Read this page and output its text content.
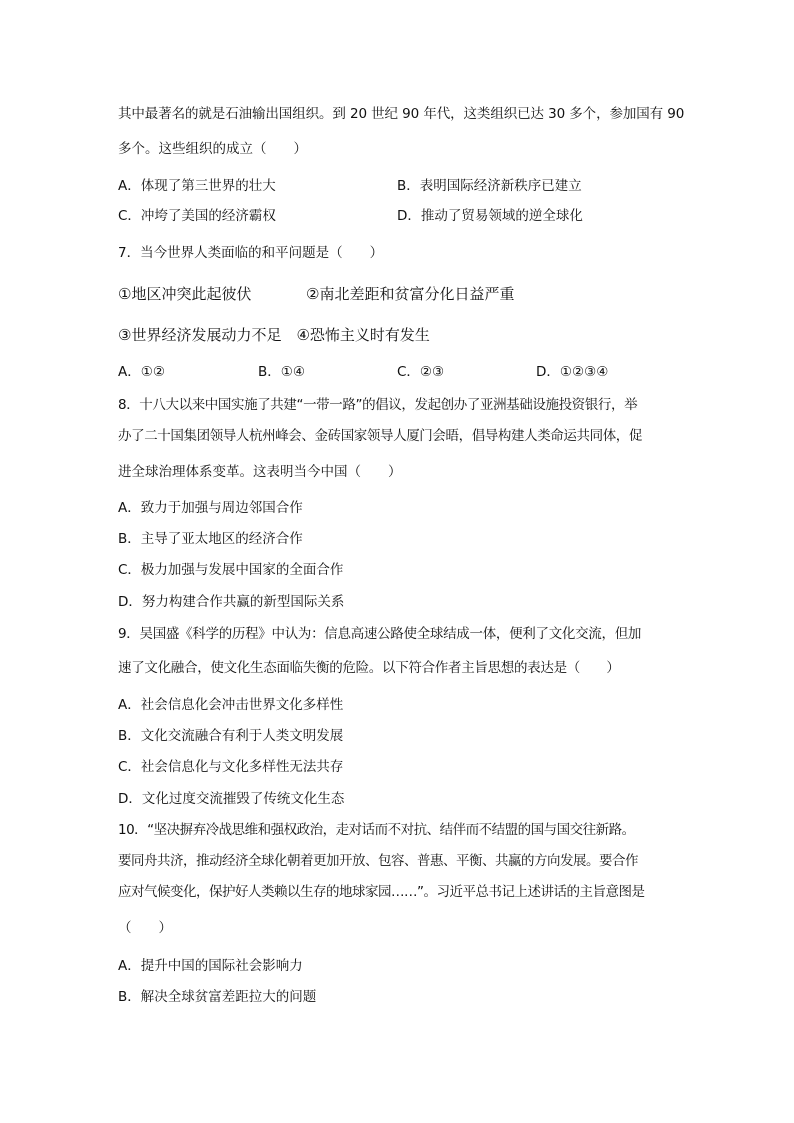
其中最著名的就是石油输出国组织。到 20 世纪 90 年代，这类组织已达 30 多个，参加国有 90
多个。这些组织的成立（　　）
A．体现了第三世界的壮大	B．表明国际经济新秩序已建立
C．冲垮了美国的经济霸权	D．推动了贸易领域的逆全球化
7．当今世界人类面临的和平问题是（　　）
①地区冲突此起彼伏	②南北差距和贫富分化日益严重
③世界经济发展动力不足　④恐怖主义时有发生
A．①②	B．①④	C．②③	D．①②③④
8．十八大以来中国实施了共建“一带一路”的倡议，发起创办了亚洲基础设施投资银行，举
办了二十国集团领导人杭州峰会、金砖国家领导人厦门会晤，倡导构建人类命运共同体，促
进全球治理体系变革。这表明当今中国（　　）
A．致力于加强与周边邻国合作
B．主导了亚太地区的经济合作
C．极力加强与发展中国家的全面合作
D．努力构建合作共赢的新型国际关系
9．吴国盛《科学的历程》中认为：信息高速公路使全球结成一体，便利了文化交流，但加
速了文化融合，使文化生态面临失衡的危险。以下符合作者主旨思想的表达是（　　）
A．社会信息化会冲击世界文化多样性
B．文化交流融合有利于人类文明发展
C．社会信息化与文化多样性无法共存
D．文化过度交流摧毁了传统文化生态
10．“坚决摒弃冷战思维和强权政治，走对话而不对抗、结伴而不结盟的国与国交往新路。
要同舟共济，推动经济全球化朝着更加开放、包容、普惠、平衡、共赢的方向发展。要合作
应对气候变化，保护好人类赖以生存的地球家园……”。习近平总书记上述讲话的主旨意图是
（　　）
A．提升中国的国际社会影响力
B．解决全球贫富差距拉大的问题
